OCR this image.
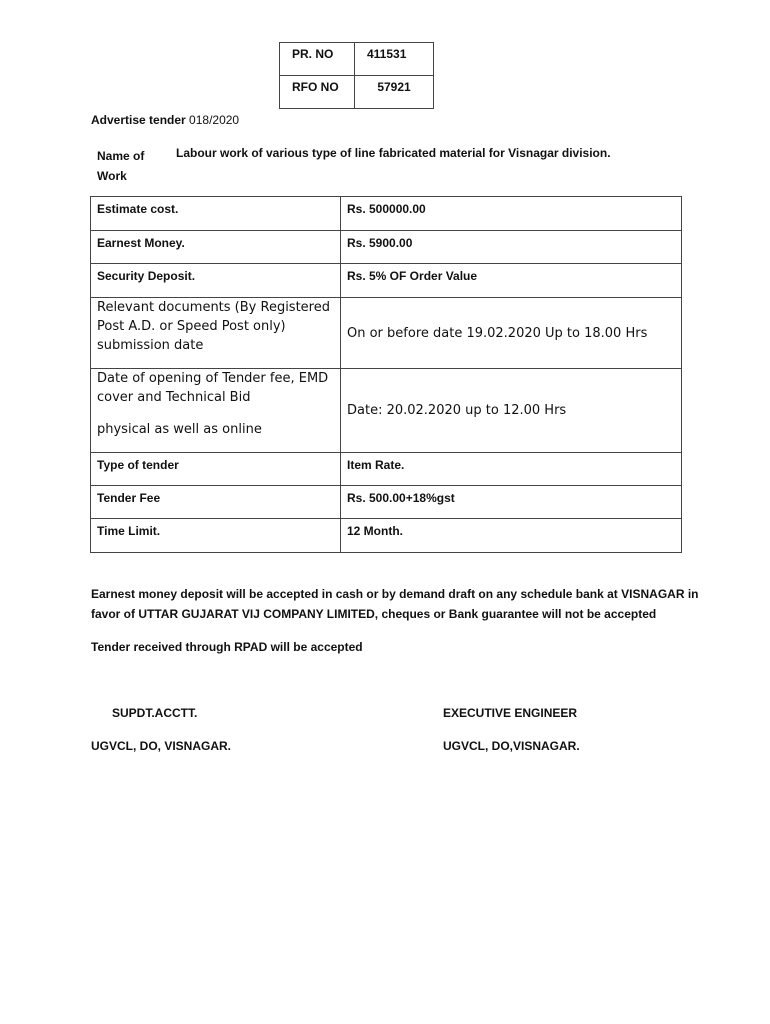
PR. NO	411531
RFO NO	57921
Advertise tender 018/2020
Name of
Work
Labour work of various type of line fabricated material for Visnagar division.
Estimate cost.	Rs. 500000.00
Earnest Money.	Rs. 5900.00
Security Deposit.	Rs. 5% OF Order Value

Relevant documents (By Registered
Post A.D. or Speed Post only)
submission date	On or before date 19.02.2020 Up to 18.00 Hrs

Date of opening of Tender fee, EMD
cover and Technical Bid
physical as well as online	Date: 20.02.2020 up to 12.00 Hrs
Type of tender	Item Rate.
Tender Fee	Rs. 500.00+18%gst
Time Limit.	12 Month.
Earnest money deposit will be accepted in cash or by demand draft on any schedule bank at VISNAGAR in
favor of UTTAR GUJARAT VIJ COMPANY LIMITED, cheques or Bank guarantee will not be accepted
Tender received through RPAD will be accepted
SUPDT.ACCTT.
UGVCL, DO, VISNAGAR.
EXECUTIVE ENGINEER
UGVCL, DO,VISNAGAR.
